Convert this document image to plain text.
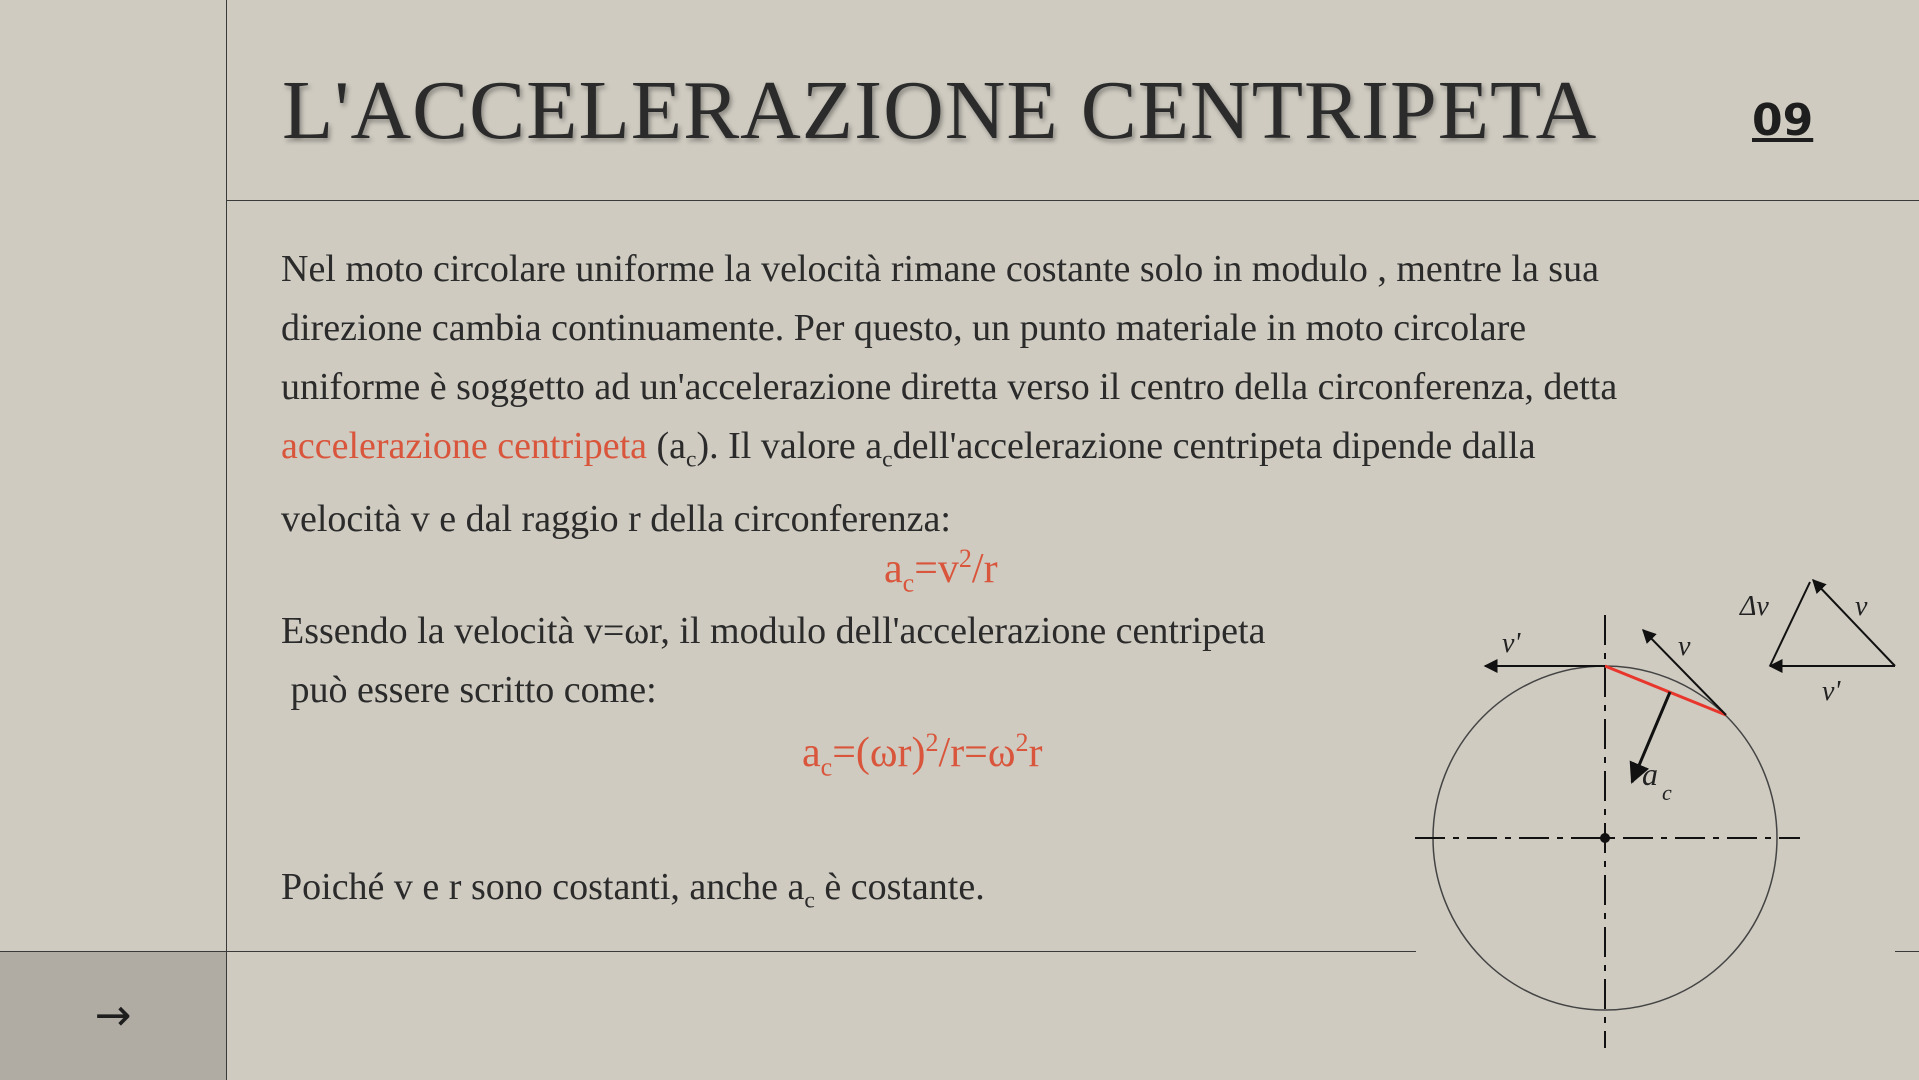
→
L'ACCELERAZIONE CENTRIPETA	09
Nel moto circolare uniforme la velocità rimane costante solo in modulo , mentre la sua direzione cambia continuamente. Per questo, un punto materiale in moto circolare uniforme è soggetto ad un'accelerazione diretta verso il centro della circonferenza, detta accelerazione centripeta $(a_c)$. Il valore $a_cdell'accelerazione$ centripeta dipende dalla velocità v e dal raggio r della circonferenza:
$a_c=v^2/r$
Essendo la velocità v=ωr, il modulo dell'accelerazione centripeta
può essere scritto come:
$a_c=(\omega r)^2/r=\omega^2r$
Poiché v e r sono costanti, anche $a_c$ è costante.
v'	v
a
c
Δv	v
v'
